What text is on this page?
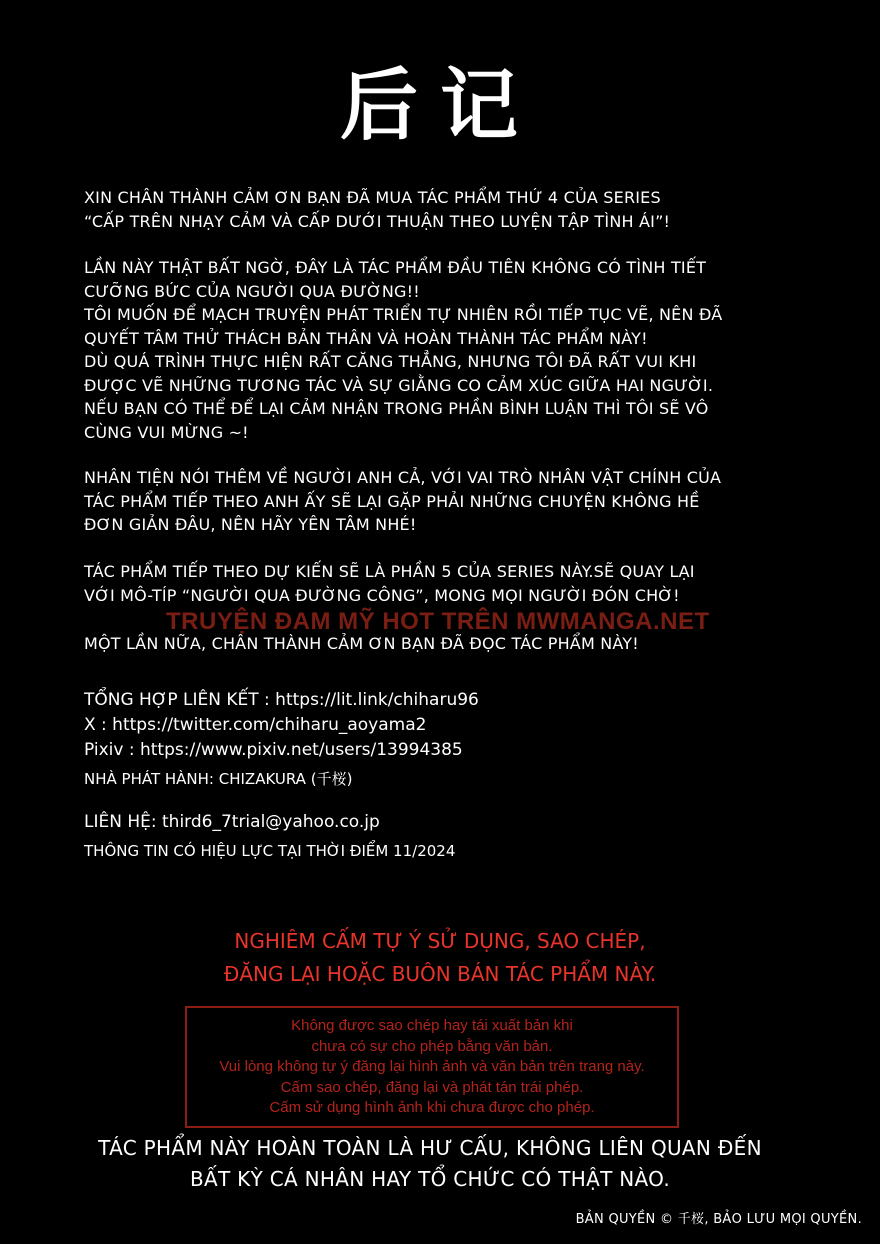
后记

XIN CHÂN THÀNH CẢM ƠN BẠN ĐÃ MUA TÁC PHẨM THỨ 4 CỦA SERIES

“CẤP TRÊN NHẠY CẢM VÀ CẤP DƯỚI THUẬN THEO LUYỆN TẬP TÌNH ÁI”!

LẦN NÀY THẬT BẤT NGỜ, ĐÂY LÀ TÁC PHẨM ĐẦU TIÊN KHÔNG CÓ TÌNH TIẾT

CƯỠNG BỨC CỦA NGƯỜI QUA ĐƯỜNG!!

TÔI MUỐN ĐỂ MẠCH TRUYỆN PHÁT TRIỂN TỰ NHIÊN RỒI TIẾP TỤC VẼ, NÊN ĐÃ

QUYẾT TÂM THỬ THÁCH BẢN THÂN VÀ HOÀN THÀNH TÁC PHẨM NÀY!

DÙ QUÁ TRÌNH THỰC HIỆN RẤT CĂNG THẲNG, NHƯNG TÔI ĐÃ RẤT VUI KHI

ĐƯỢC VẼ NHỮNG TƯƠNG TÁC VÀ SỰ GIẰNG CO CẢM XÚC GIỮA HAI NGƯỜI.

NẾU BẠN CÓ THỂ ĐỂ LẠI CẢM NHẬN TRONG PHẦN BÌNH LUẬN THÌ TÔI SẼ VÔ

CÙNG VUI MỪNG ~!

NHÂN TIỆN NÓI THÊM VỀ NGƯỜI ANH CẢ, VỚI VAI TRÒ NHÂN VẬT CHÍNH CỦA

TÁC PHẨM TIẾP THEO ANH ẤY SẼ LẠI GẶP PHẢI NHỮNG CHUYỆN KHÔNG HỀ

ĐƠN GIẢN ĐÂU, NÊN HÃY YÊN TÂM NHÉ!

TÁC PHẨM TIẾP THEO DỰ KIẾN SẼ LÀ PHẦN 5 CỦA SERIES NÀY.SẼ QUAY LẠI

VỚI MÔ-TÍP “NGƯỜI QUA ĐƯỜNG CÔNG”, MONG MỌI NGƯỜI ĐÓN CHỜ!

TRUYỆN ĐAM MỸ HOT TRÊN MWMANGA.NET

MỘT LẦN NỮA, CHÂN THÀNH CẢM ƠN BẠN ĐÃ ĐỌC TÁC PHẨM NÀY!

TỔNG HỢP LIÊN KẾT : https://lit.link/chiharu96
X : https://twitter.com/chiharu_aoyama2
Pixiv : https://www.pixiv.net/users/13994385
NHÀ PHÁT HÀNH: CHIZAKURA (千桜)
LIÊN HỆ: third6_7trial@yahoo.co.jp
THÔNG TIN CÓ HIỆU LỰC TẠI THỜI ĐIỂM 11/2024
NGHIÊM CẤM TỰ Ý SỬ DỤNG, SAO CHÉP,
ĐĂNG LẠI HOẶC BUÔN BÁN TÁC PHẨM NÀY.
Không được sao chép hay tái xuất bản khi
chưa có sự cho phép bằng văn bản.
Vui lòng không tự ý đăng lại hình ảnh và văn bản trên trang này.
Cấm sao chép, đăng lại và phát tán trái phép.
Cấm sử dụng hình ảnh khi chưa được cho phép.
TÁC PHẨM NÀY HOÀN TOÀN LÀ HƯ CẤU, KHÔNG LIÊN QUAN ĐẾN
BẤT KỲ CÁ NHÂN HAY TỔ CHỨC CÓ THẬT NÀO.
BẢN QUYỀN © 千桜, BẢO LƯU MỌI QUYỀN.
